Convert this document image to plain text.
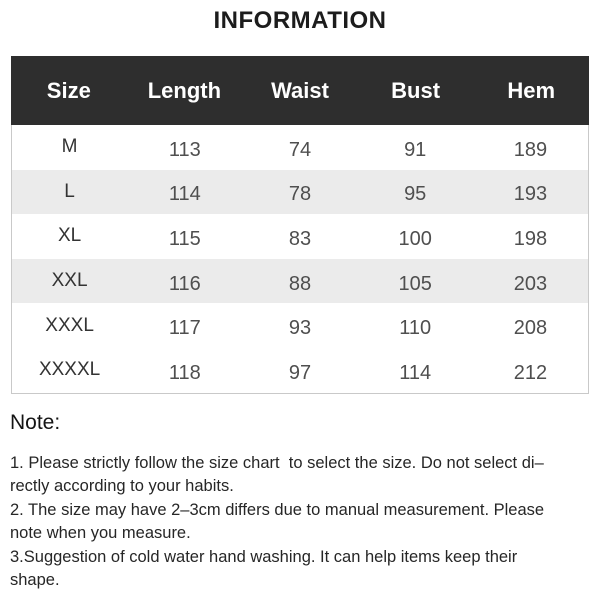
INFORMATION
Size	Length	Waist	Bust	Hem
M	113	74	91	189
L	114	78	95	193
XL	115	83	100	198
XXL	116	88	105	203
XXXL	117	93	110	208
XXXXL	118	97	114	212
Note:
1. Please strictly follow the size chart  to select the size. Do not select di–
rectly according to your habits.
2. The size may have 2–3cm differs due to manual measurement. Please
note when you measure.
3.Suggestion of cold water hand washing. It can help items keep their
shape.
